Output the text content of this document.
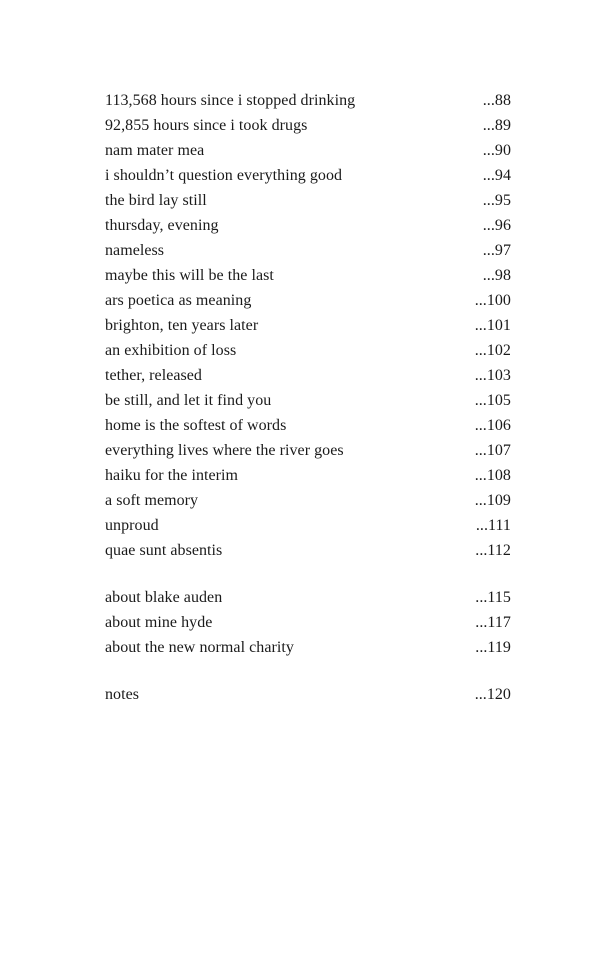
113,568 hours since i stopped drinking	...88
92,855 hours since i took drugs	...89
nam mater mea	...90
i shouldn’t question everything good	...94
the bird lay still	...95
thursday, evening	...96
nameless	...97
maybe this will be the last	...98
ars poetica as meaning	...100
brighton, ten years later	...101
an exhibition of loss	...102
tether, released	...103
be still, and let it find you	...105
home is the softest of words	...106
everything lives where the river goes	...107
haiku for the interim	...108
a soft memory	...109
unproud	...111
quae sunt absentis	...112
about blake auden	...115
about mine hyde	...117
about the new normal charity	...119
notes	...120
